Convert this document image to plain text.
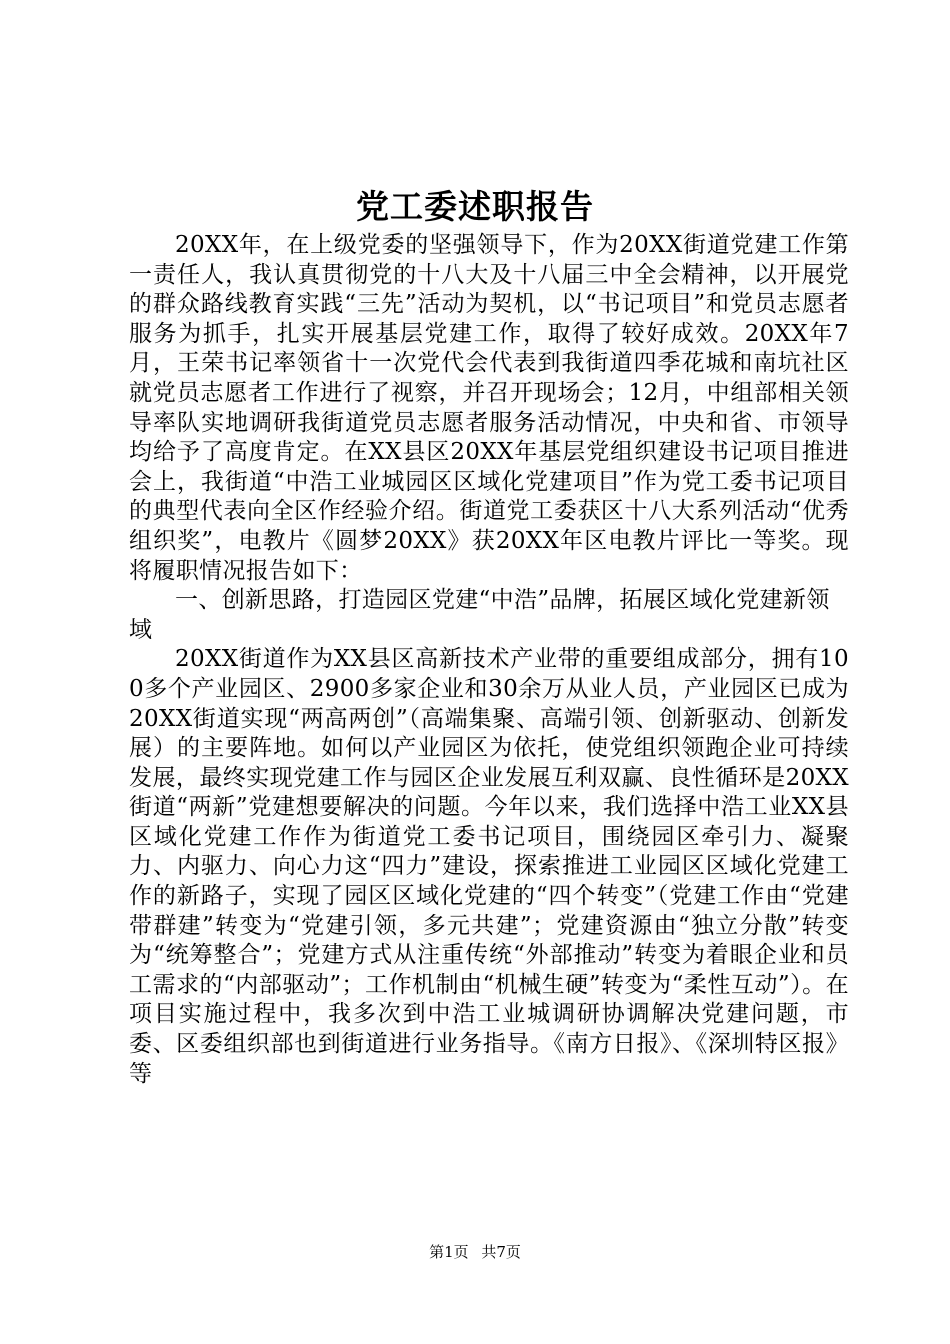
党工委述职报告

20XX年，在上级党委的坚强领导下，作为20XX街道党建工作第一责任人，我认真贯彻党的十八大及十八届三中全会精神，以开展党的群众路线教育实践“三先”活动为契机，以“书记项目”和党员志愿者服务为抓手，扎实开展基层党建工作，取得了较好成效。20XX年7月，王荣书记率领省十一次党代会代表到我街道四季花城和南坑社区就党员志愿者工作进行了视察，并召开现场会；12月，中组部相关领导率队实地调研我街道党员志愿者服务活动情况，中央和省、市领导均给予了高度肯定。在XX县区20XX年基层党组织建设书记项目推进会上，我街道“中浩工业城园区区域化党建项目”作为党工委书记项目的典型代表向全区作经验介绍。街道党工委获区十八大系列活动“优秀组织奖”，电教片《圆梦20XX》获20XX年区电教片评比一等奖。现将履职情况报告如下：

一、创新思路，打造园区党建“中浩”品牌，拓展区域化党建新领域

20XX街道作为XX县区高新技术产业带的重要组成部分，拥有100多个产业园区、2900多家企业和30余万从业人员，产业园区已成为20XX街道实现“两高两创”（高端集聚、高端引领、创新驱动、创新发展）的主要阵地。如何以产业园区为依托，使党组织领跑企业可持续发展，最终实现党建工作与园区企业发展互利双赢、良性循环是20XX街道“两新”党建想要解决的问题。今年以来，我们选择中浩工业XX县区域化党建工作作为街道党工委书记项目，围绕园区牵引力、凝聚力、内驱力、向心力这“四力”建设，探索推进工业园区区域化党建工作的新路子，实现了园区区域化党建的“四个转变”（党建工作由“党建带群建”转变为“党建引领，多元共建”；党建资源由“独立分散”转变为“统筹整合”；党建方式从注重传统“外部推动”转变为着眼企业和员工需求的“内部驱动”；工作机制由“机械生硬”转变为“柔性互动”）。在项目实施过程中，我多次到中浩工业城调研协调解决党建问题，市委、区委组织部也到街道进行业务指导。《南方日报》、《深圳特区报》等

第1页 共7页
